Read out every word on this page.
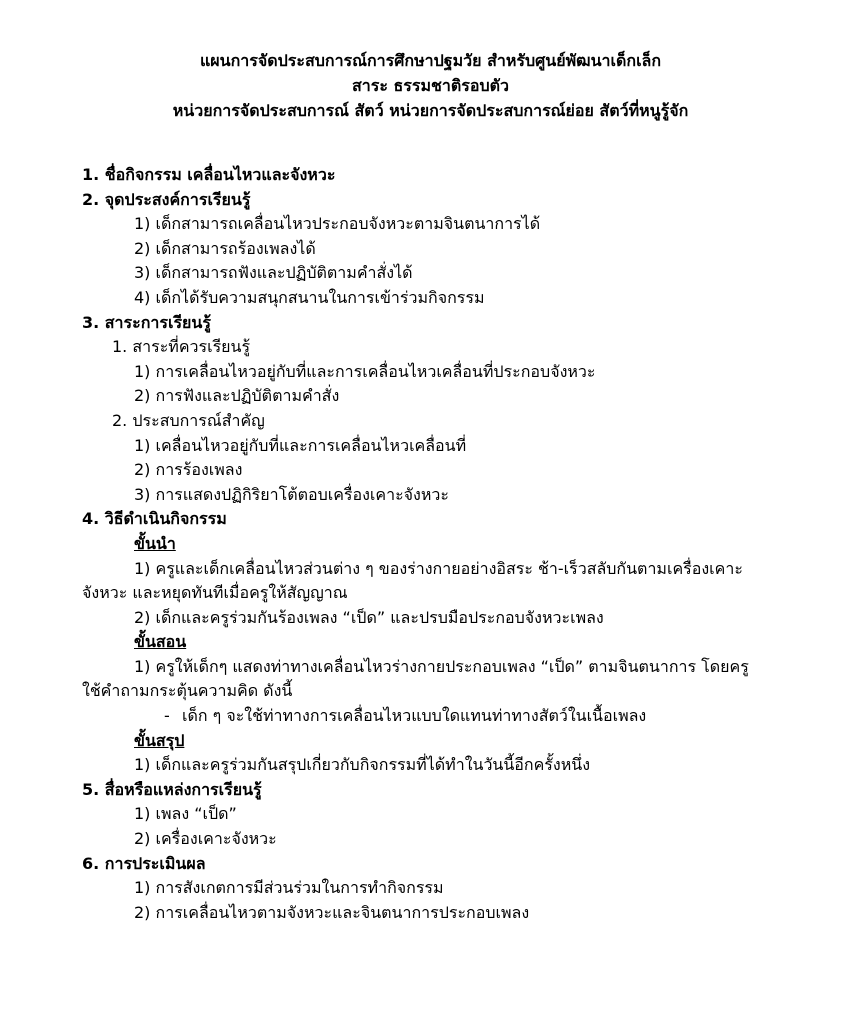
แผนการจัดประสบการณ์การศึกษาปฐมวัย สำหรับศูนย์พัฒนาเด็กเล็ก
สาระ ธรรมชาติรอบตัว
หน่วยการจัดประสบการณ์ สัตว์ หน่วยการจัดประสบการณ์ย่อย สัตว์ที่หนูรู้จัก
1. ชื่อกิจกรรม เคลื่อนไหวและจังหวะ
2. จุดประสงค์การเรียนรู้
1) เด็กสามารถเคลื่อนไหวประกอบจังหวะตามจินตนาการได้
2) เด็กสามารถร้องเพลงได้
3) เด็กสามารถฟังและปฏิบัติตามคำสั่งได้
4) เด็กได้รับความสนุกสนานในการเข้าร่วมกิจกรรม
3. สาระการเรียนรู้
1. สาระที่ควรเรียนรู้
1) การเคลื่อนไหวอยู่กับที่และการเคลื่อนไหวเคลื่อนที่ประกอบจังหวะ
2) การฟังและปฏิบัติตามคำสั่ง
2. ประสบการณ์สำคัญ
1) เคลื่อนไหวอยู่กับที่และการเคลื่อนไหวเคลื่อนที่
2) การร้องเพลง
3) การแสดงปฏิกิริยาโต้ตอบเครื่องเคาะจังหวะ
4. วิธีดำเนินกิจกรรม
ขั้นนำ
1) ครูและเด็กเคลื่อนไหวส่วนต่าง ๆ ของร่างกายอย่างอิสระ ช้า-เร็วสลับกันตามเครื่องเคาะ
จังหวะ และหยุดทันทีเมื่อครูให้สัญญาณ
2) เด็กและครูร่วมกันร้องเพลง “เป็ด” และปรบมือประกอบจังหวะเพลง
ขั้นสอน
1) ครูให้เด็กๆ แสดงท่าทางเคลื่อนไหวร่างกายประกอบเพลง “เป็ด” ตามจินตนาการ โดยครู
ใช้คำถามกระตุ้นความคิด ดังนี้
- เด็ก ๆ จะใช้ท่าทางการเคลื่อนไหวแบบใดแทนท่าทางสัตว์ในเนื้อเพลง
ขั้นสรุป
1) เด็กและครูร่วมกันสรุปเกี่ยวกับกิจกรรมที่ได้ทำในวันนี้อีกครั้งหนึ่ง
5. สื่อหรือแหล่งการเรียนรู้
1) เพลง “เป็ด”
2) เครื่องเคาะจังหวะ
6. การประเมินผล
1) การสังเกตการมีส่วนร่วมในการทำกิจกรรม
2) การเคลื่อนไหวตามจังหวะและจินตนาการประกอบเพลง
